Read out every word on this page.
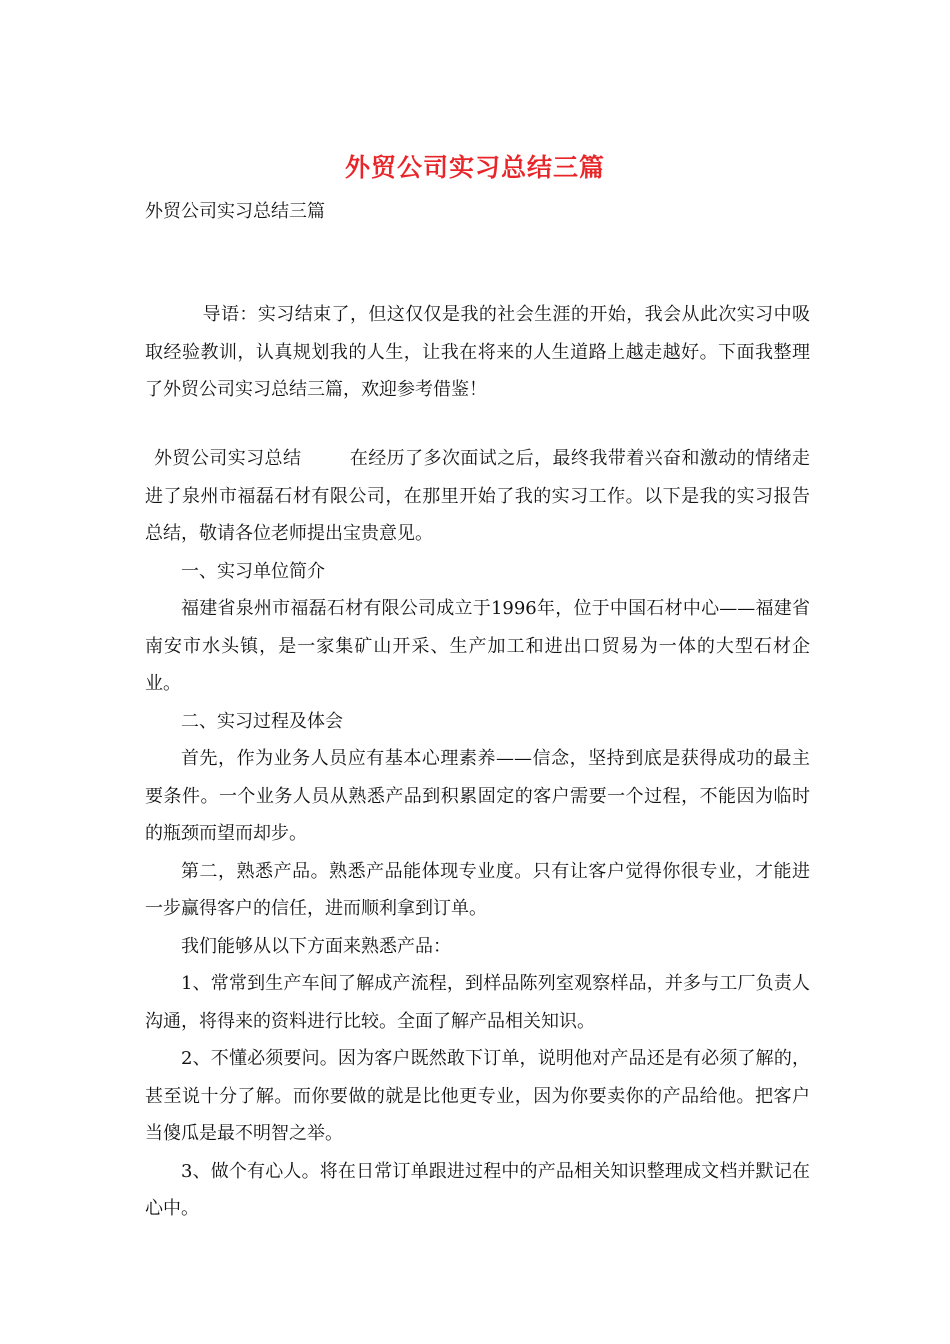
外贸公司实习总结三篇
外贸公司实习总结三篇

导语：实习结束了，但这仅仅是我的社会生涯的开始，我会从此次实习中吸取经验教训，认真规划我的人生，让我在将来的人生道路上越走越好。下面我整理了外贸公司实习总结三篇，欢迎参考借鉴！

外贸公司实习总结	在经历了多次面试之后，最终我带着兴奋和激动的情绪走进了泉州市福磊石材有限公司，在那里开始了我的实习工作。以下是我的实习报告总结，敬请各位老师提出宝贵意见。

一、实习单位简介

福建省泉州市福磊石材有限公司成立于1996年，位于中国石材中心——福建省南安市水头镇，是一家集矿山开采、生产加工和进出口贸易为一体的大型石材企业。

二、实习过程及体会

首先，作为业务人员应有基本心理素养——信念，坚持到底是获得成功的最主要条件。一个业务人员从熟悉产品到积累固定的客户需要一个过程，不能因为临时的瓶颈而望而却步。

第二，熟悉产品。熟悉产品能体现专业度。只有让客户觉得你很专业，才能进一步赢得客户的信任，进而顺利拿到订单。

我们能够从以下方面来熟悉产品：

1、常常到生产车间了解成产流程，到样品陈列室观察样品，并多与工厂负责人沟通，将得来的资料进行比较。全面了解产品相关知识。

2、不懂必须要问。因为客户既然敢下订单，说明他对产品还是有必须了解的，甚至说十分了解。而你要做的就是比他更专业，因为你要卖你的产品给他。把客户当傻瓜是最不明智之举。

3、做个有心人。将在日常订单跟进过程中的产品相关知识整理成文档并默记在心中。
